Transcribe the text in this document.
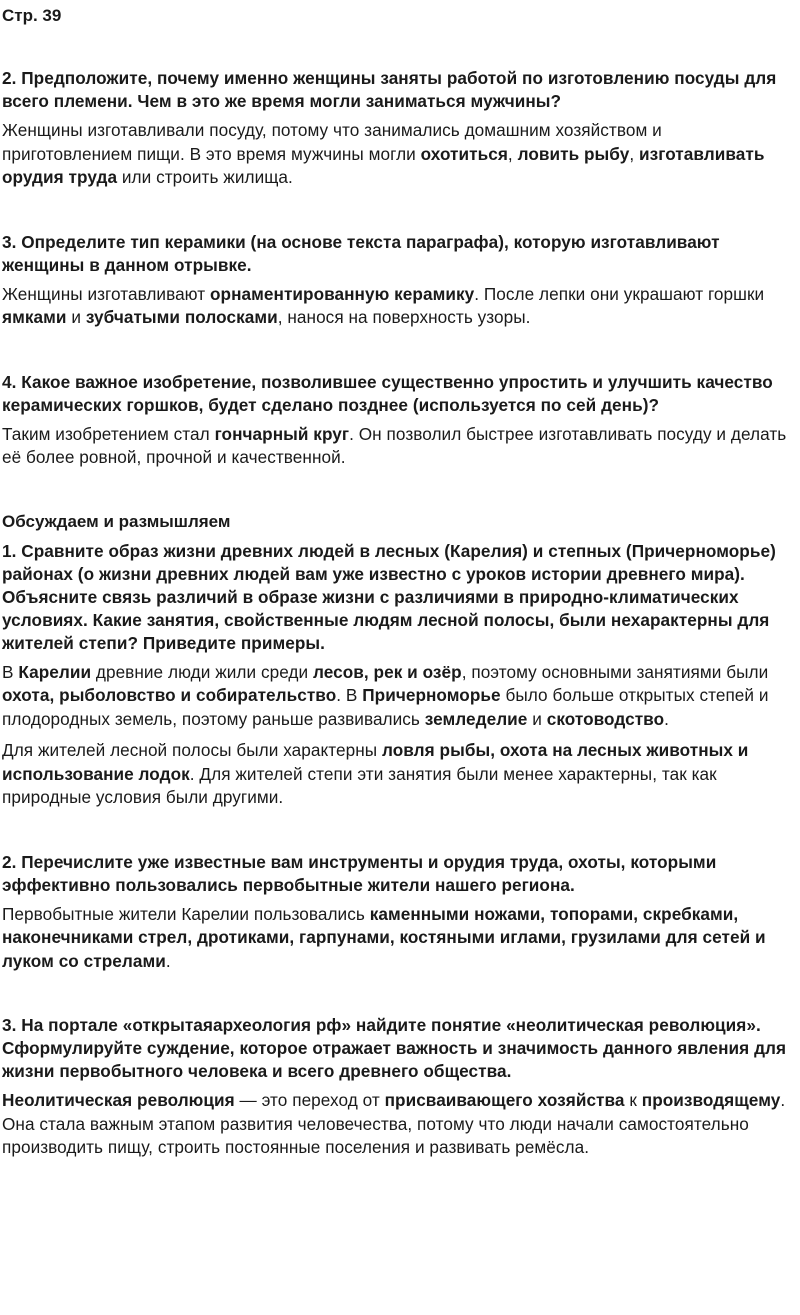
Стр. 39
2. Предположите, почему именно женщины заняты работой по изготовлению посуды для всего племени. Чем в это же время могли заниматься мужчины?
Женщины изготавливали посуду, потому что занимались домашним хозяйством и приготовлением пищи. В это время мужчины могли охотиться, ловить рыбу, изготавливать орудия труда или строить жилища.
3. Определите тип керамики (на основе текста параграфа), которую изготавливают женщины в данном отрывке.
Женщины изготавливают орнаментированную керамику. После лепки они украшают горшки ямками и зубчатыми полосками, нанося на поверхность узоры.
4. Какое важное изобретение, позволившее существенно упростить и улучшить качество керамических горшков, будет сделано позднее (используется по сей день)?
Таким изобретением стал гончарный круг. Он позволил быстрее изготавливать посуду и делать её более ровной, прочной и качественной.
Обсуждаем и размышляем
1. Сравните образ жизни древних людей в лесных (Карелия) и степных (Причерноморье) районах (о жизни древних людей вам уже известно с уроков истории древнего мира). Объясните связь различий в образе жизни с различиями в природно-климатических условиях. Какие занятия, свойственные людям лесной полосы, были нехарактерны для жителей степи? Приведите примеры.
В Карелии древние люди жили среди лесов, рек и озёр, поэтому основными занятиями были охота, рыболовство и собирательство. В Причерноморье было больше открытых степей и плодородных земель, поэтому раньше развивались земледелие и скотоводство.
Для жителей лесной полосы были характерны ловля рыбы, охота на лесных животных и использование лодок. Для жителей степи эти занятия были менее характерны, так как природные условия были другими.
2. Перечислите уже известные вам инструменты и орудия труда, охоты, которыми эффективно пользовались первобытные жители нашего региона.
Первобытные жители Карелии пользовались каменными ножами, топорами, скребками, наконечниками стрел, дротиками, гарпунами, костяными иглами, грузилами для сетей и луком со стрелами.
3. На портале «открытаяархеология рф» найдите понятие «неолитическая революция». Сформулируйте суждение, которое отражает важность и значимость данного явления для жизни первобытного человека и всего древнего общества.
Неолитическая революция — это переход от присваивающего хозяйства к производящему. Она стала важным этапом развития человечества, потому что люди начали самостоятельно производить пищу, строить постоянные поселения и развивать ремёсла.
